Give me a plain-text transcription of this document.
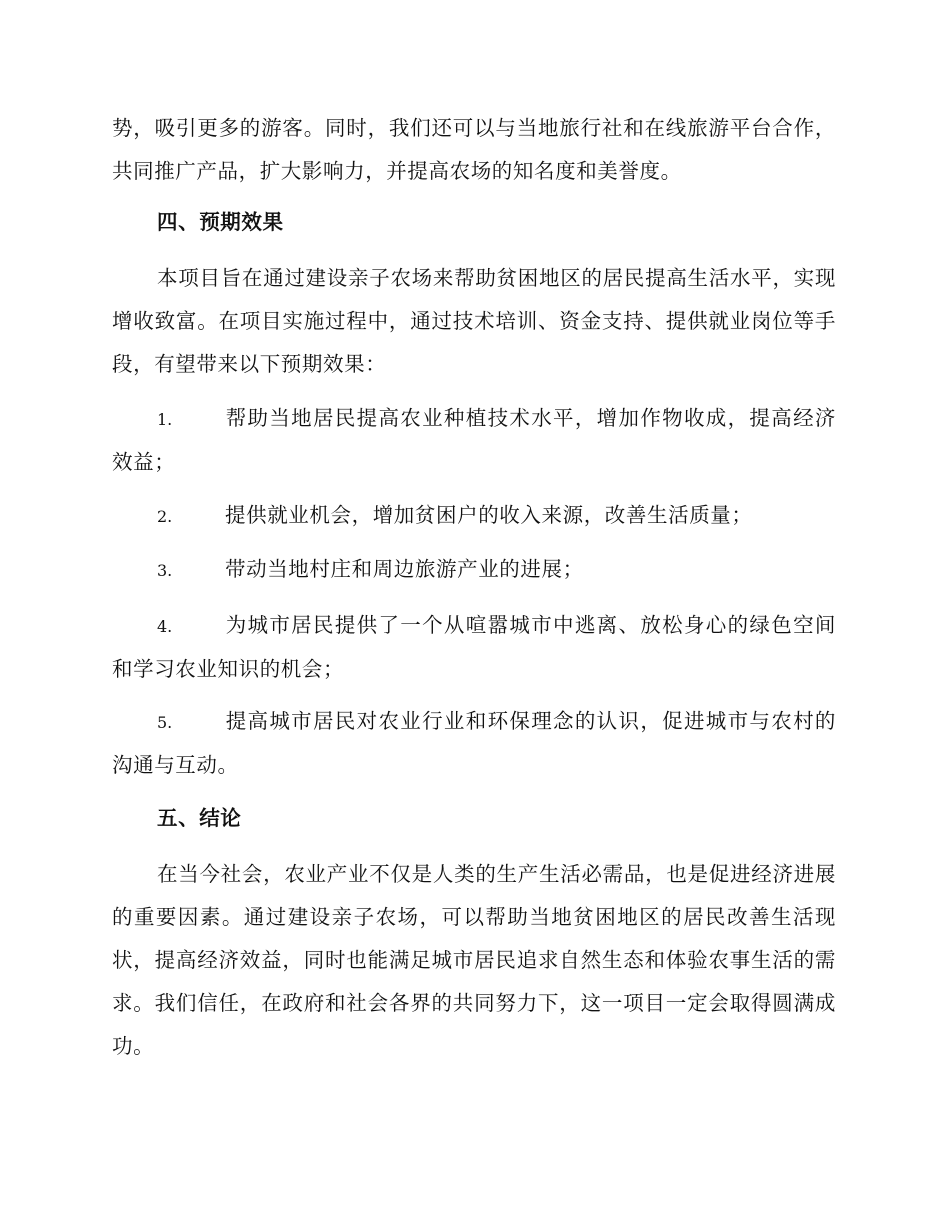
势，吸引更多的游客。同时，我们还可以与当地旅行社和在线旅游平台合作，共同推广产品，扩大影响力，并提高农场的知名度和美誉度。

四、预期效果

本项目旨在通过建设亲子农场来帮助贫困地区的居民提高生活水平，实现增收致富。在项目实施过程中，通过技术培训、资金支持、提供就业岗位等手段，有望带来以下预期效果：

1.	帮助当地居民提高农业种植技术水平，增加作物收成，提高经济效益；

2.	提供就业机会，增加贫困户的收入来源，改善生活质量；

3.	带动当地村庄和周边旅游产业的进展；

4.	为城市居民提供了一个从喧嚣城市中逃离、放松身心的绿色空间和学习农业知识的机会；

5.	提高城市居民对农业行业和环保理念的认识，促进城市与农村的沟通与互动。

五、结论

在当今社会，农业产业不仅是人类的生产生活必需品，也是促进经济进展的重要因素。通过建设亲子农场，可以帮助当地贫困地区的居民改善生活现状，提高经济效益，同时也能满足城市居民追求自然生态和体验农事生活的需求。我们信任，在政府和社会各界的共同努力下，这一项目一定会取得圆满成功。
